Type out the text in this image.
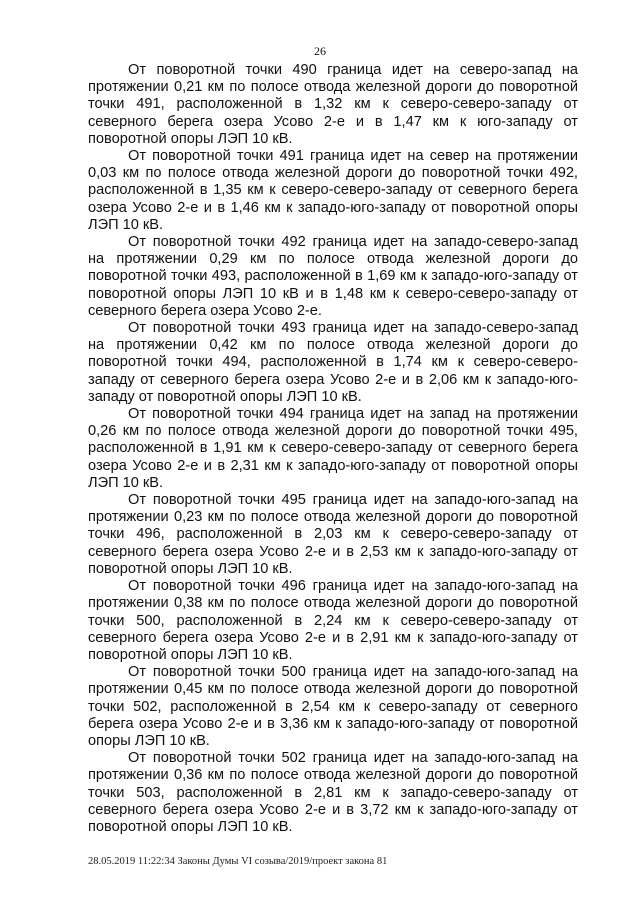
26

От поворотной точки 490 граница идет на северо-запад на протяжении 0,21 км по полосе отвода железной дороги до поворотной точки 491, расположенной в 1,32 км к северо-северо-западу от северного берега озера Усово 2-е и в 1,47 км к юго-западу от поворотной опоры ЛЭП 10 кВ.

От поворотной точки 491 граница идет на север на протяжении 0,03 км по полосе отвода железной дороги до поворотной точки 492, расположенной в 1,35 км к северо-северо-западу от северного берега озера Усово 2-е и в 1,46 км к западо-юго-западу от поворотной опоры ЛЭП 10 кВ.

От поворотной точки 492 граница идет на западо-северо-запад на протяжении 0,29 км по полосе отвода железной дороги до поворотной точки 493, расположенной в 1,69 км к западо-юго-западу от поворотной опоры ЛЭП 10 кВ и в 1,48 км к северо-северо-западу от северного берега озера Усово 2-е.

От поворотной точки 493 граница идет на западо-северо-запад на протяжении 0,42 км по полосе отвода железной дороги до поворотной точки 494, расположенной в 1,74 км к северо-северо-западу от северного берега озера Усово 2-е и в 2,06 км к западо-юго-западу от поворотной опоры ЛЭП 10 кВ.

От поворотной точки 494 граница идет на запад на протяжении 0,26 км по полосе отвода железной дороги до поворотной точки 495, расположенной в 1,91 км к северо-северо-западу от северного берега озера Усово 2-е и в 2,31 км к западо-юго-западу от поворотной опоры ЛЭП 10 кВ.

От поворотной точки 495 граница идет на западо-юго-запад на протяжении 0,23 км по полосе отвода железной дороги до поворотной точки 496, расположенной в 2,03 км к северо-северо-западу от северного берега озера Усово 2-е и в 2,53 км к западо-юго-западу от поворотной опоры ЛЭП 10 кВ.

От поворотной точки 496 граница идет на западо-юго-запад на протяжении 0,38 км по полосе отвода железной дороги до поворотной точки 500, расположенной в 2,24 км к северо-северо-западу от северного берега озера Усово 2-е и в 2,91 км к западо-юго-западу от поворотной опоры ЛЭП 10 кВ.

От поворотной точки 500 граница идет на западо-юго-запад на протяжении 0,45 км по полосе отвода железной дороги до поворотной точки 502, расположенной в 2,54 км к северо-западу от северного берега озера Усово 2-е и в 3,36 км к западо-юго-западу от поворотной опоры ЛЭП 10 кВ.

От поворотной точки 502 граница идет на западо-юго-запад на протяжении 0,36 км по полосе отвода железной дороги до поворотной точки 503, расположенной в 2,81 км к западо-северо-западу от северного берега озера Усово 2-е и в 3,72 км к западо-юго-западу от поворотной опоры ЛЭП 10 кВ.

28.05.2019 11:22:34 Законы Думы VI созыва/2019/проект закона 81
